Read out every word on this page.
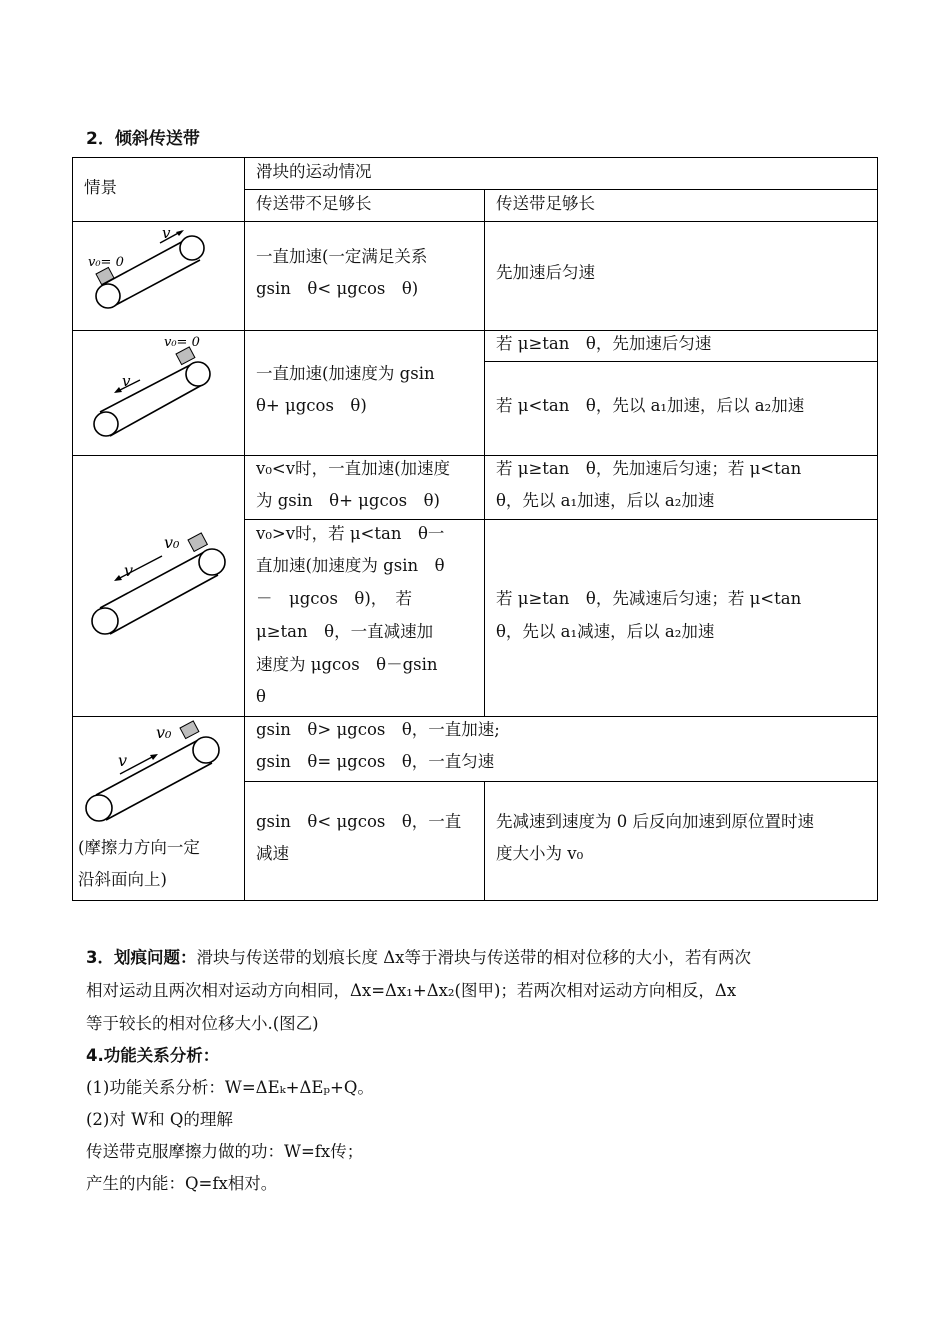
2．倾斜传送带
情景
滑块的运动情况
传送带不足够长	传送带足够长
v
v₀= 0
v
v₀= 0
v
v₀
v
v₀
(摩擦力方向一定
沿斜面向上)
一直加速(一定满足关系
gsin　θ< μgcos　θ)
先加速后匀速
一直加速(加速度为 gsin
θ+ μgcos　θ)
若 μ≥tan　θ，先加速后匀速
若 μ<tan　θ，先以 a₁加速，后以 a₂加速
v₀<v时，一直加速(加速度
为 gsin　θ+ μgcos　θ)
若 μ≥tan　θ，先加速后匀速；若 μ<tan
θ，先以 a₁加速，后以 a₂加速
v₀>v时，若 μ<tan　θ一
直加速(加速度为 gsin　θ
－　μgcos　θ)，　若
μ≥tan　θ，一直减速加
速度为 μgcos　θ－gsin
θ
若 μ≥tan　θ，先减速后匀速；若 μ<tan
θ，先以 a₁减速，后以 a₂加速
gsin　θ> μgcos　θ，一直加速;
gsin　θ= μgcos　θ，一直匀速
gsin　θ< μgcos　θ，一直
减速
先减速到速度为 0 后反向加速到原位置时速
度大小为 v₀
3．划痕问题：滑块与传送带的划痕长度 Δx等于滑块与传送带的相对位移的大小，若有两次
相对运动且两次相对运动方向相同，Δx=Δx₁+Δx₂(图甲)；若两次相对运动方向相反，Δx
等于较长的相对位移大小.(图乙)
4.功能关系分析：
(1)功能关系分析：W=ΔEₖ+ΔEₚ+Q。
(2)对 W和 Q的理解
传送带克服摩擦力做的功：W=fx传；
产生的内能：Q=fx相对。
